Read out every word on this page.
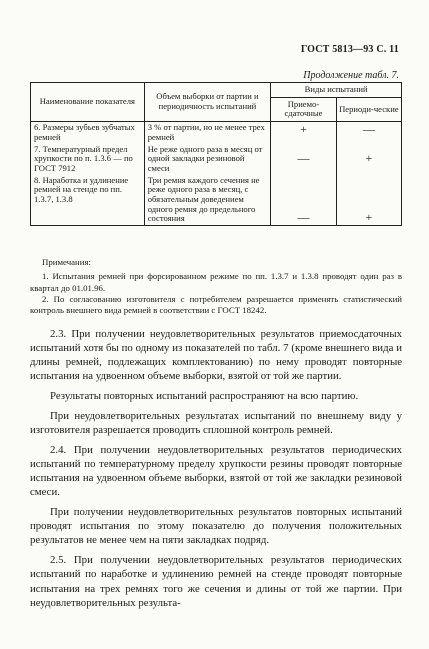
ГОСТ 5813—93 С. 11
Продолжение табл. 7.
Наименование показателя	Объем выборки от партии и периодичность испытаний	Виды испытаний	
		Приемо-сдаточные	Периоди-ческие
6. Размеры зубьев зубчатых ремней	3 % от партии, но не менее трех ремней	+	—
7. Температурный предел хрупкости по п. 1.3.6 — по ГОСТ 7912	Не реже одного раза в месяц от одной закладки резиновой смеси	—	+
8. Наработка и удлинение ремней на стенде по пп. 1.3.7, 1.3.8	Три ремня каждого сечения не реже одного раза в месяц, с обязательным доведением одного ремня до предельного состояния	—	+

Примечания:

1. Испытания ремней при форсированном режиме по пп. 1.3.7 и 1.3.8 проводят один раз в квартал до 01.01.96.

2. По согласованию изготовителя с потребителем разрешается применять статистический контроль внешнего вида ремней в соответствии с ГОСТ 18242.

2.3. При получении неудовлетворительных результатов приемосдаточных испытаний хотя бы по одному из показателей по табл. 7 (кроме внешнего вида и длины ремней, подлежащих комплектованию) по нему проводят повторные испытания на удвоенном объеме выборки, взятой от той же партии.

Результаты повторных испытаний распространяют на всю партию.

При неудовлетворительных результатах испытаний по внешнему виду у изготовителя разрешается проводить сплошной контроль ремней.

2.4. При получении неудовлетворительных результатов периодических испытаний по температурному пределу хрупкости резины проводят повторные испытания на удвоенном объеме выборки, взятой от той же закладки резиновой смеси.

При получении неудовлетворительных результатов повторных испытаний проводят испытания по этому показателю до получения положительных результатов не менее чем на пяти закладках подряд.

2.5. При получении неудовлетворительных результатов периодических испытаний по наработке и удлинению ремней на стенде проводят повторные испытания на трех ремнях того же сечения и длины от той же партии. При неудовлетворительных результа-
